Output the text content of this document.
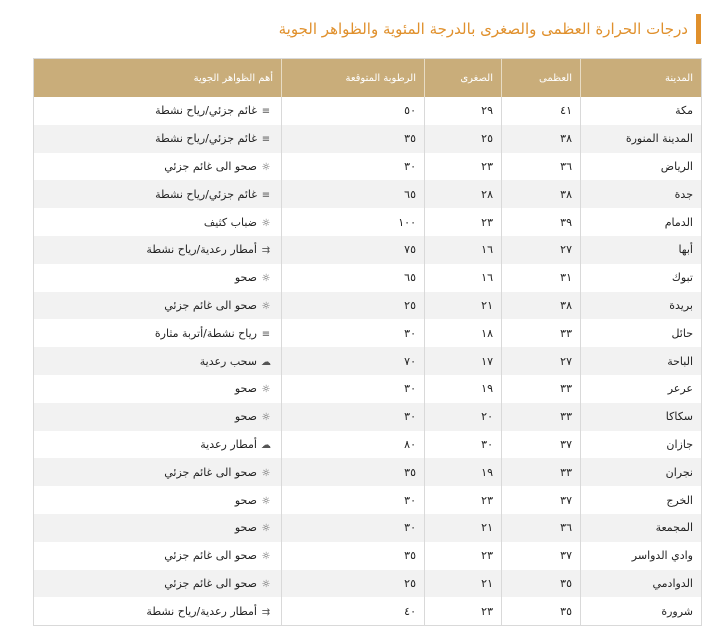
درجات الحرارة العظمى والصغرى بالدرجة المئوية والظواهر الجوية
المدينة	العظمى	الصغرى	الرطوبة المتوقعة	أهم الظواهر الجوية
مكة	٤١	٢٩	٥٠	≡غائم جزئي/رياح نشطة
المدينة المنورة	٣٨	٢٥	٣٥	≡غائم جزئي/رياح نشطة
الرياض	٣٦	٢٣	٣٠	☼صحو الى غائم جزئي
جدة	٣٨	٢٨	٦٥	≡غائم جزئي/رياح نشطة
الدمام	٣٩	٢٣	١٠٠	☼ضباب كثيف
أبها	٢٧	١٦	٧٥	⇉أمطار رعدية/رياح نشطة
تبوك	٣١	١٦	٦٥	☼صحو
بريدة	٣٨	٢١	٢٥	☼صحو الى غائم جزئي
حائل	٣٣	١٨	٣٠	≡رياح نشطة/أتربة مثارة
الباحة	٢٧	١٧	٧٠	☁سحب رعدية
عرعر	٣٣	١٩	٣٠	☼صحو
سكاكا	٣٣	٢٠	٣٠	☼صحو
جازان	٣٧	٣٠	٨٠	☁أمطار رعدية
نجران	٣٣	١٩	٣٥	☼صحو الى غائم جزئي
الخرج	٣٧	٢٣	٣٠	☼صحو
المجمعة	٣٦	٢١	٣٠	☼صحو
وادي الدواسر	٣٧	٢٣	٣٥	☼صحو الى غائم جزئي
الدوادمي	٣٥	٢١	٢٥	☼صحو الى غائم جزئي
شرورة	٣٥	٢٣	٤٠	⇉أمطار رعدية/رياح نشطة
